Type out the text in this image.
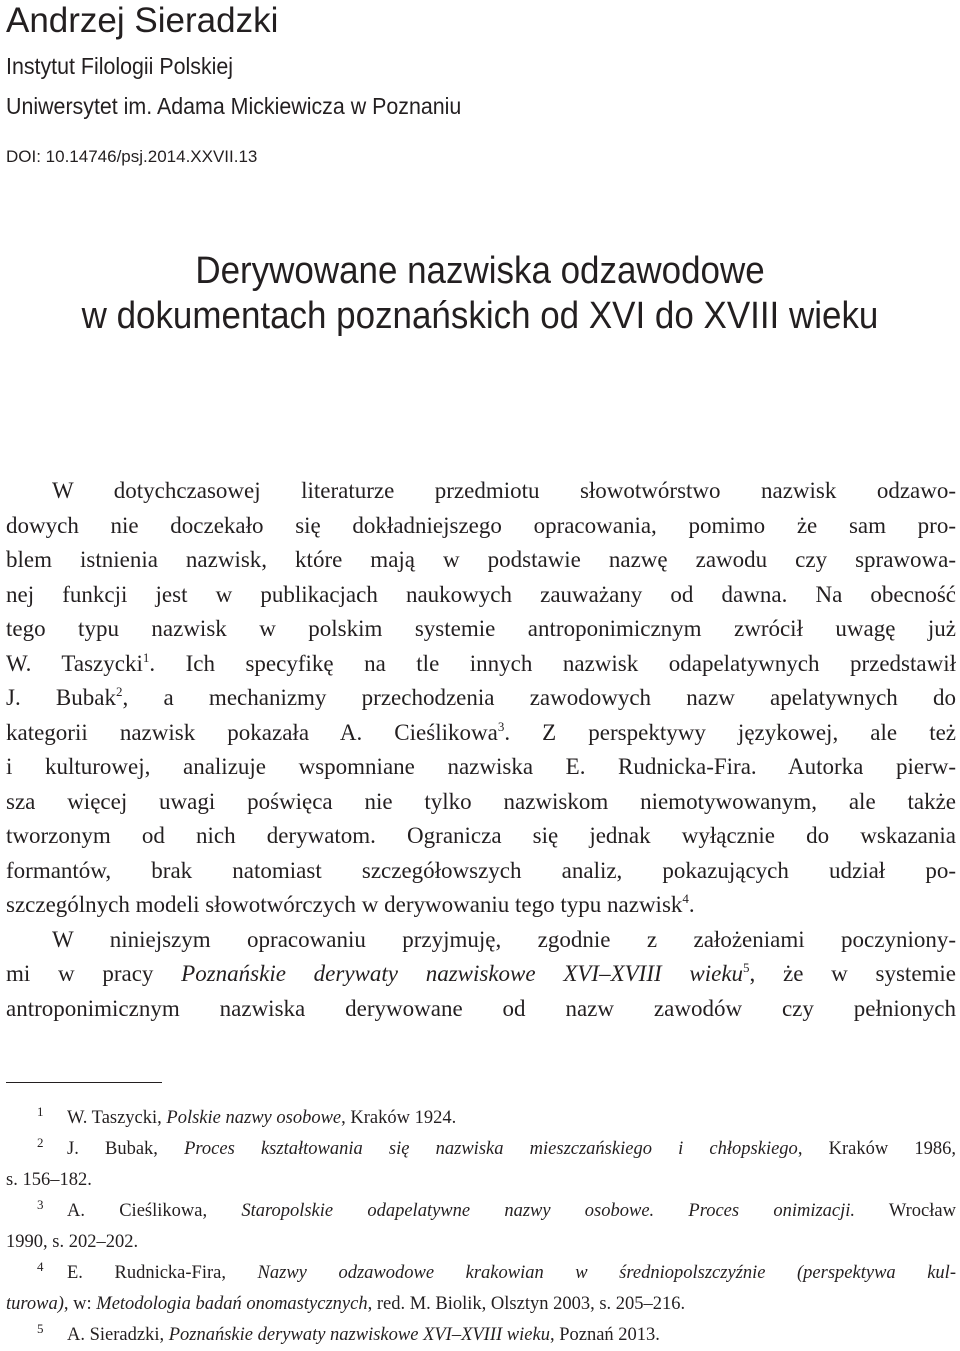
Andrzej Sieradzki

Instytut Filologii Polskiej

Uniwersytet im. Adama Mickiewicza w Poznaniu

DOI: 10.14746/psj.2014.XXVII.13

Derywowane nazwiska odzawodowe
w dokumentach poznańskich od XVI do XVIII wieku
W dotychczasowej literaturze przedmiotu słowotwórstwo nazwisk odzawo-
dowych nie doczekało się dokładniejszego opracowania, pomimo że sam pro-
blem istnienia nazwisk, które mają w podstawie nazwę zawodu czy sprawowa-
nej funkcji jest w publikacjach naukowych zauważany od dawna. Na obecność
tego typu nazwisk w polskim systemie antroponimicznym zwrócił uwagę już
W. Taszycki$^1$. Ich specyfikę na tle innych nazwisk odapelatywnych przedstawił
J. Bubak$^2$, a mechanizmy przechodzenia zawodowych nazw apelatywnych do
kategorii nazwisk pokazała A. Cieślikowa$^3$. Z perspektywy językowej, ale też
i kulturowej, analizuje wspomniane nazwiska E. Rudnicka-Fira. Autorka pierw-
sza więcej uwagi poświęca nie tylko nazwiskom niemotywowanym, ale także
tworzonym od nich derywatom. Ogranicza się jednak wyłącznie do wskazania
formantów, brak natomiast szczegółowszych analiz, pokazujących udział po-
szczególnych modeli słowotwórczych w derywowaniu tego typu nazwisk$^4$.
W niniejszym opracowaniu przyjmuję, zgodnie z założeniami poczyniony-
mi w pracy Poznańskie derywaty nazwiskowe XVI–XVIII wieku$^5$, że w systemie
antroponimicznym nazwiska derywowane od nazw zawodów czy pełnionych
1 W. Taszycki, Polskie nazwy osobowe, Kraków 1924.
2 J. Bubak, Proces kształtowania się nazwiska mieszczańskiego i chłopskiego, Kraków 1986,
s. 156–182.
3 A. Cieślikowa, Staropolskie odapelatywne nazwy osobowe. Proces onimizacji. Wrocław
1990, s. 202–202.
4 E. Rudnicka-Fira, Nazwy odzawodowe krakowian w średniopolszczyźnie (perspektywa kul-
turowa), w: Metodologia badań onomastycznych, red. M. Biolik, Olsztyn 2003, s. 205–216.
5 A. Sieradzki, Poznańskie derywaty nazwiskowe XVI–XVIII wieku, Poznań 2013.
